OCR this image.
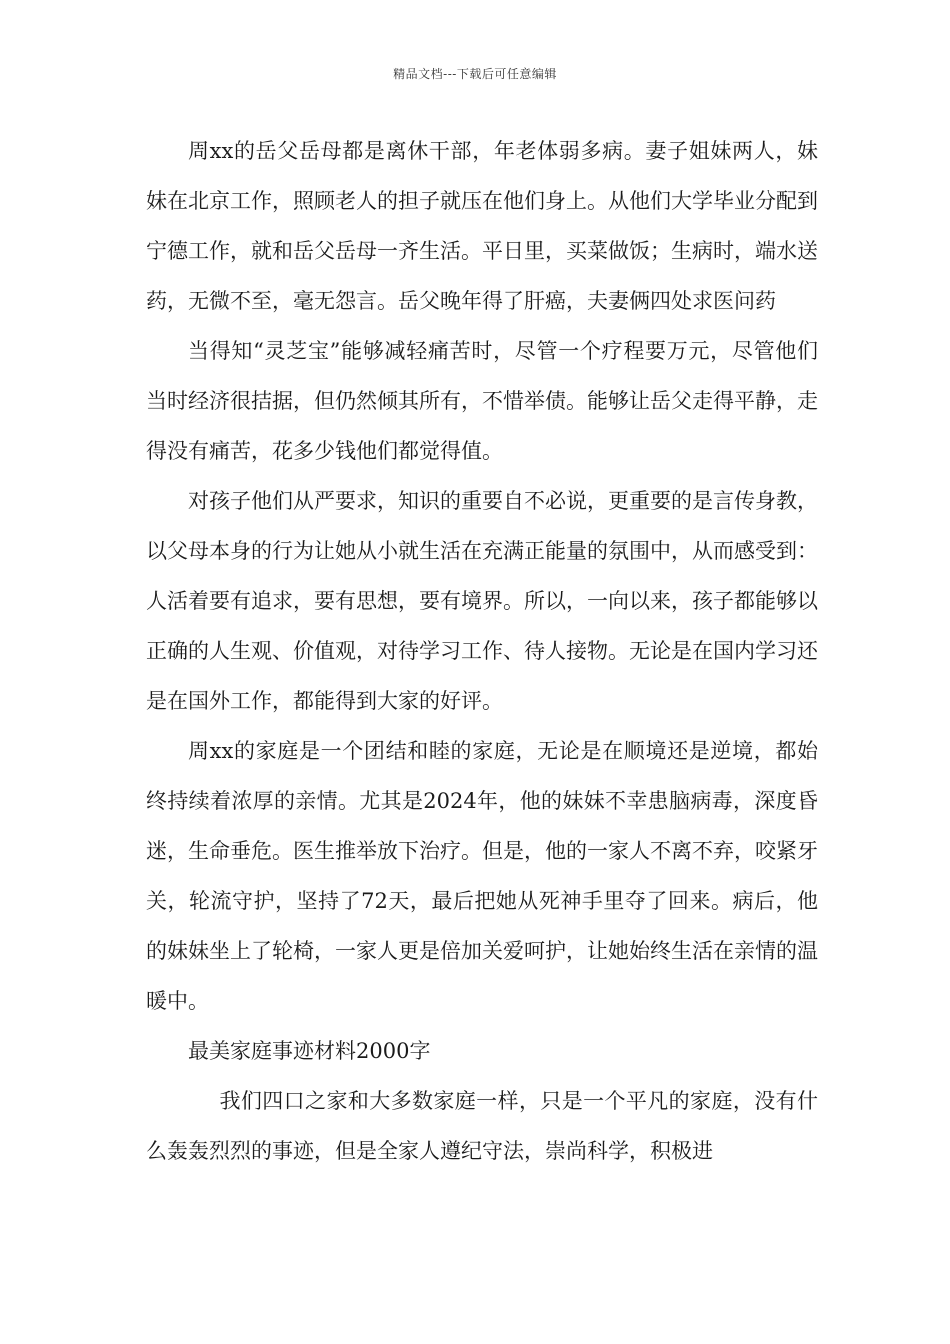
精品文档---下载后可任意编辑

周xx的岳父岳母都是离休干部，年老体弱多病。妻子姐妹两人，妹妹在北京工作，照顾老人的担子就压在他们身上。从他们大学毕业分配到宁德工作，就和岳父岳母一齐生活。平日里，买菜做饭；生病时，端水送药，无微不至，毫无怨言。岳父晚年得了肝癌，夫妻俩四处求医问药

当得知“灵芝宝”能够减轻痛苦时，尽管一个疗程要万元，尽管他们当时经济很拮据，但仍然倾其所有，不惜举债。能够让岳父走得平静，走得没有痛苦，花多少钱他们都觉得值。

对孩子他们从严要求，知识的重要自不必说，更重要的是言传身教，以父母本身的行为让她从小就生活在充满正能量的氛围中，从而感受到：人活着要有追求，要有思想，要有境界。所以，一向以来，孩子都能够以正确的人生观、价值观，对待学习工作、待人接物。无论是在国内学习还是在国外工作，都能得到大家的好评。

周xx的家庭是一个团结和睦的家庭，无论是在顺境还是逆境，都始终持续着浓厚的亲情。尤其是2024年，他的妹妹不幸患脑病毒，深度昏迷，生命垂危。医生推举放下治疗。但是，他的一家人不离不弃，咬紧牙关，轮流守护，坚持了72天，最后把她从死神手里夺了回来。病后，他的妹妹坐上了轮椅，一家人更是倍加关爱呵护，让她始终生活在亲情的温暖中。

最美家庭事迹材料2000字

我们四口之家和大多数家庭一样，只是一个平凡的家庭，没有什么轰轰烈烈的事迹，但是全家人遵纪守法，崇尚科学，积极进
